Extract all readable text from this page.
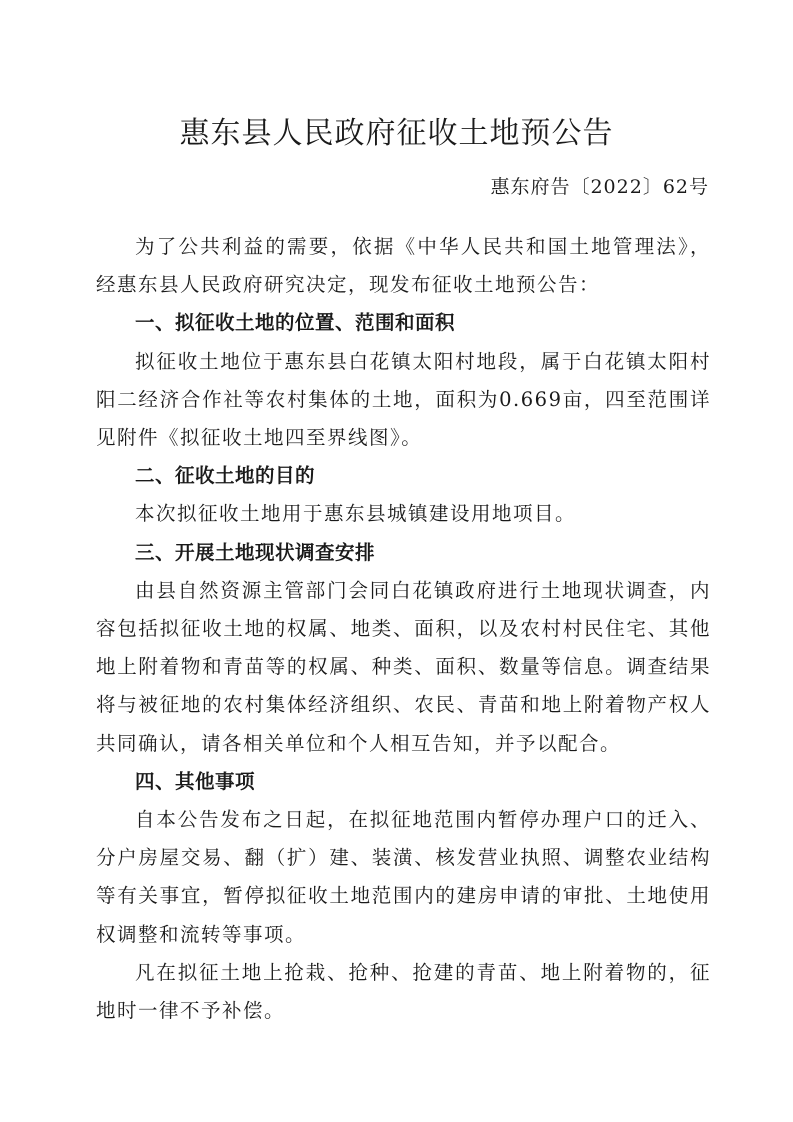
惠东县人民政府征收土地预公告
惠东府告〔2022〕62号

为了公共利益的需要，依据《中华人民共和国土地管理法》，经惠东县人民政府研究决定，现发布征收土地预公告：

一、拟征收土地的位置、范围和面积

拟征收土地位于惠东县白花镇太阳村地段，属于白花镇太阳村阳二经济合作社等农村集体的土地，面积为0.669亩，四至范围详见附件《拟征收土地四至界线图》。

二、征收土地的目的

本次拟征收土地用于惠东县城镇建设用地项目。

三、开展土地现状调查安排

由县自然资源主管部门会同白花镇政府进行土地现状调查，内容包括拟征收土地的权属、地类、面积，以及农村村民住宅、其他地上附着物和青苗等的权属、种类、面积、数量等信息。调查结果将与被征地的农村集体经济组织、农民、青苗和地上附着物产权人共同确认，请各相关单位和个人相互告知，并予以配合。

四、其他事项

自本公告发布之日起，在拟征地范围内暂停办理户口的迁入、分户房屋交易、翻（扩）建、装潢、核发营业执照、调整农业结构等有关事宜，暂停拟征收土地范围内的建房申请的审批、土地使用权调整和流转等事项。

凡在拟征土地上抢栽、抢种、抢建的青苗、地上附着物的，征地时一律不予补偿。
